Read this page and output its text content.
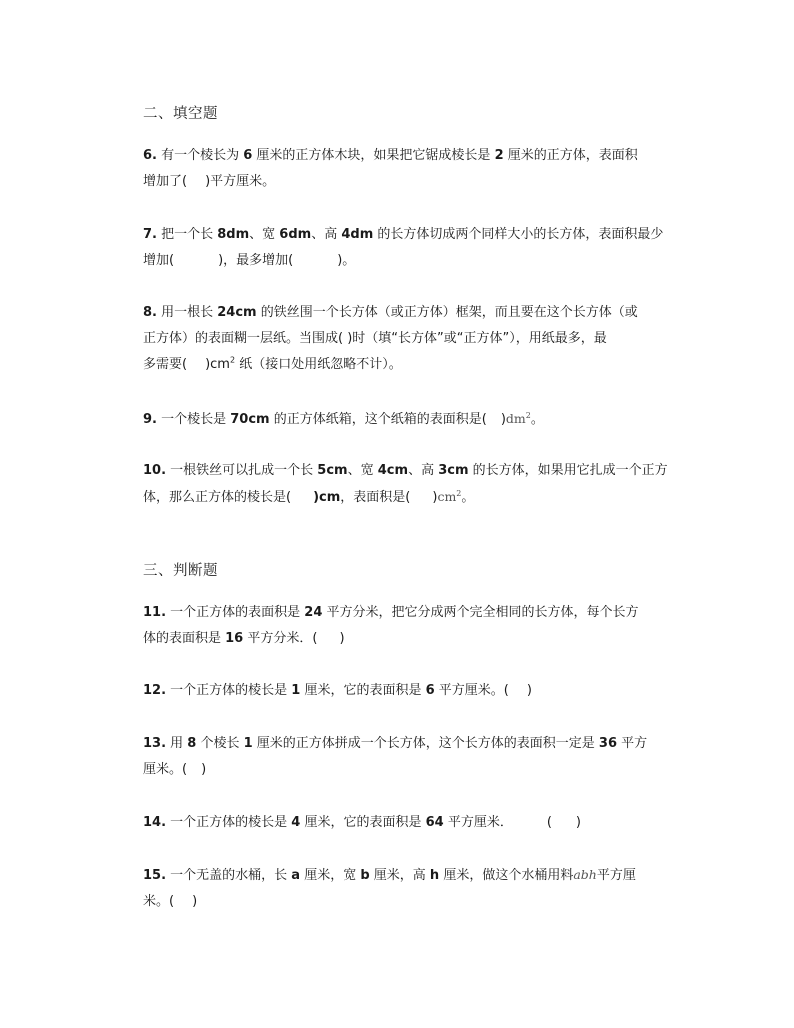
二、填空题
6. 有一个棱长为 6 厘米的正方体木块，如果把它锯成棱长是 2 厘米的正方体，表面积
增加了( )平方厘米。
7. 把一个长 8dm、宽 6dm、高 4dm 的长方体切成两个同样大小的长方体，表面积最少
增加(	)，最多增加(	)。
8. 用一根长 24cm 的铁丝围一个长方体（或正方体）框架，而且要在这个长方体（或
正方体）的表面糊一层纸。当围成( )时（填“长方体”或“正方体”），用纸最多，最
多需要( )$cm^2$ 纸（接口处用纸忽略不计）。
9. 一个棱长是 70cm 的正方体纸箱，这个纸箱的表面积是( )$dm^2$。
10. 一根铁丝可以扎成一个长 5cm、宽 4cm、高 3cm 的长方体，如果用它扎成一个正方
体，那么正方体的棱长是( )cm，表面积是( )$cm^2$。
三、判断题
11. 一个正方体的表面积是 24 平方分米，把它分成两个完全相同的长方体，每个长方
体的表面积是 16 平方分米．( )
12. 一个正方体的棱长是 1 厘米，它的表面积是 6 平方厘米。( )
13. 用 8 个棱长 1 厘米的正方体拼成一个长方体，这个长方体的表面积一定是 36 平方
厘米。( )
14. 一个正方体的棱长是 4 厘米，它的表面积是 64 平方厘米．	( )
15. 一个无盖的水桶，长 a 厘米，宽 b 厘米，高 h 厘米，做这个水桶用料abh平方厘
米。( )
